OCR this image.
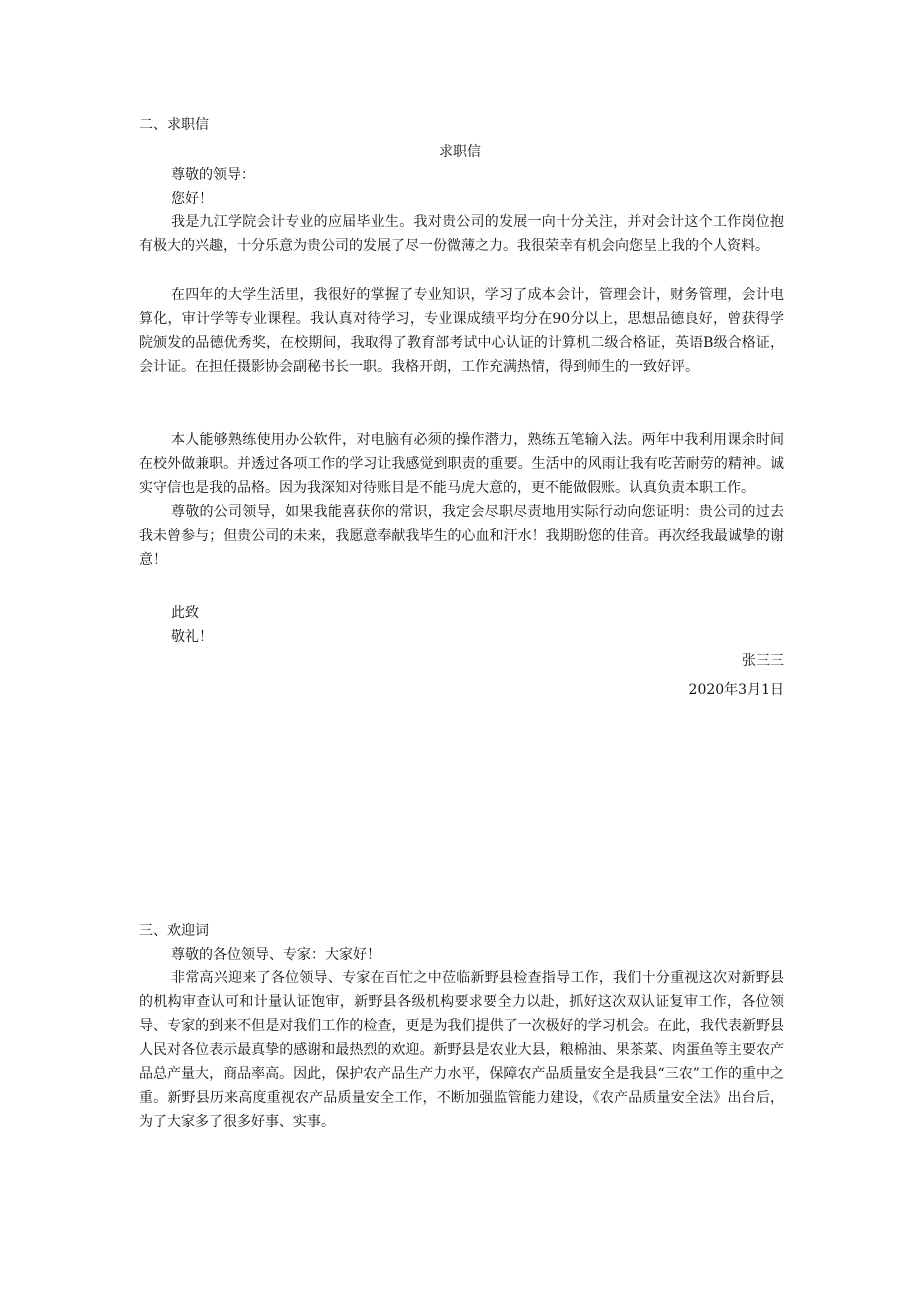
二、求职信
求职信
尊敬的领导：
您好！
我是九江学院会计专业的应届毕业生。我对贵公司的发展一向十分关注，并对会计这个工作岗位抱有极大的兴趣，十分乐意为贵公司的发展了尽一份微薄之力。我很荣幸有机会向您呈上我的个人资料。
在四年的大学生活里，我很好的掌握了专业知识，学习了成本会计，管理会计，财务管理，会计电算化，审计学等专业课程。我认真对待学习，专业课成绩平均分在90分以上，思想品德良好，曾获得学院颁发的品德优秀奖，在校期间，我取得了教育部考试中心认证的计算机二级合格证，英语B级合格证，会计证。在担任摄影协会副秘书长一职。我格开朗，工作充满热情，得到师生的一致好评。
本人能够熟练使用办公软件，对电脑有必须的操作潜力，熟练五笔输入法。两年中我利用课余时间在校外做兼职。并透过各项工作的学习让我感觉到职责的重要。生活中的风雨让我有吃苦耐劳的精神。诚实守信也是我的品格。因为我深知对待账目是不能马虎大意的，更不能做假账。认真负责本职工作。
尊敬的公司领导，如果我能喜获你的常识，我定会尽职尽责地用实际行动向您证明：贵公司的过去我未曾参与；但贵公司的未来，我愿意奉献我毕生的心血和汗水！我期盼您的佳音。再次经我最诚挚的谢意！
此致
敬礼！
张三三
2020年3月1日
三、欢迎词
尊敬的各位领导、专家：大家好！
非常高兴迎来了各位领导、专家在百忙之中莅临新野县检查指导工作，我们十分重视这次对新野县的机构审查认可和计量认证饱审，新野县各级机构要求要全力以赴，抓好这次双认证复审工作，各位领导、专家的到来不但是对我们工作的检查，更是为我们提供了一次极好的学习机会。在此，我代表新野县人民对各位表示最真挚的感谢和最热烈的欢迎。新野县是农业大县，粮棉油、果茶菜、肉蛋鱼等主要农产品总产量大，商品率高。因此，保护农产品生产力水平，保障农产品质量安全是我县“三农”工作的重中之重。新野县历来高度重视农产品质量安全工作，不断加强监管能力建设，《农产品质量安全法》出台后，为了大家多了很多好事、实事。
